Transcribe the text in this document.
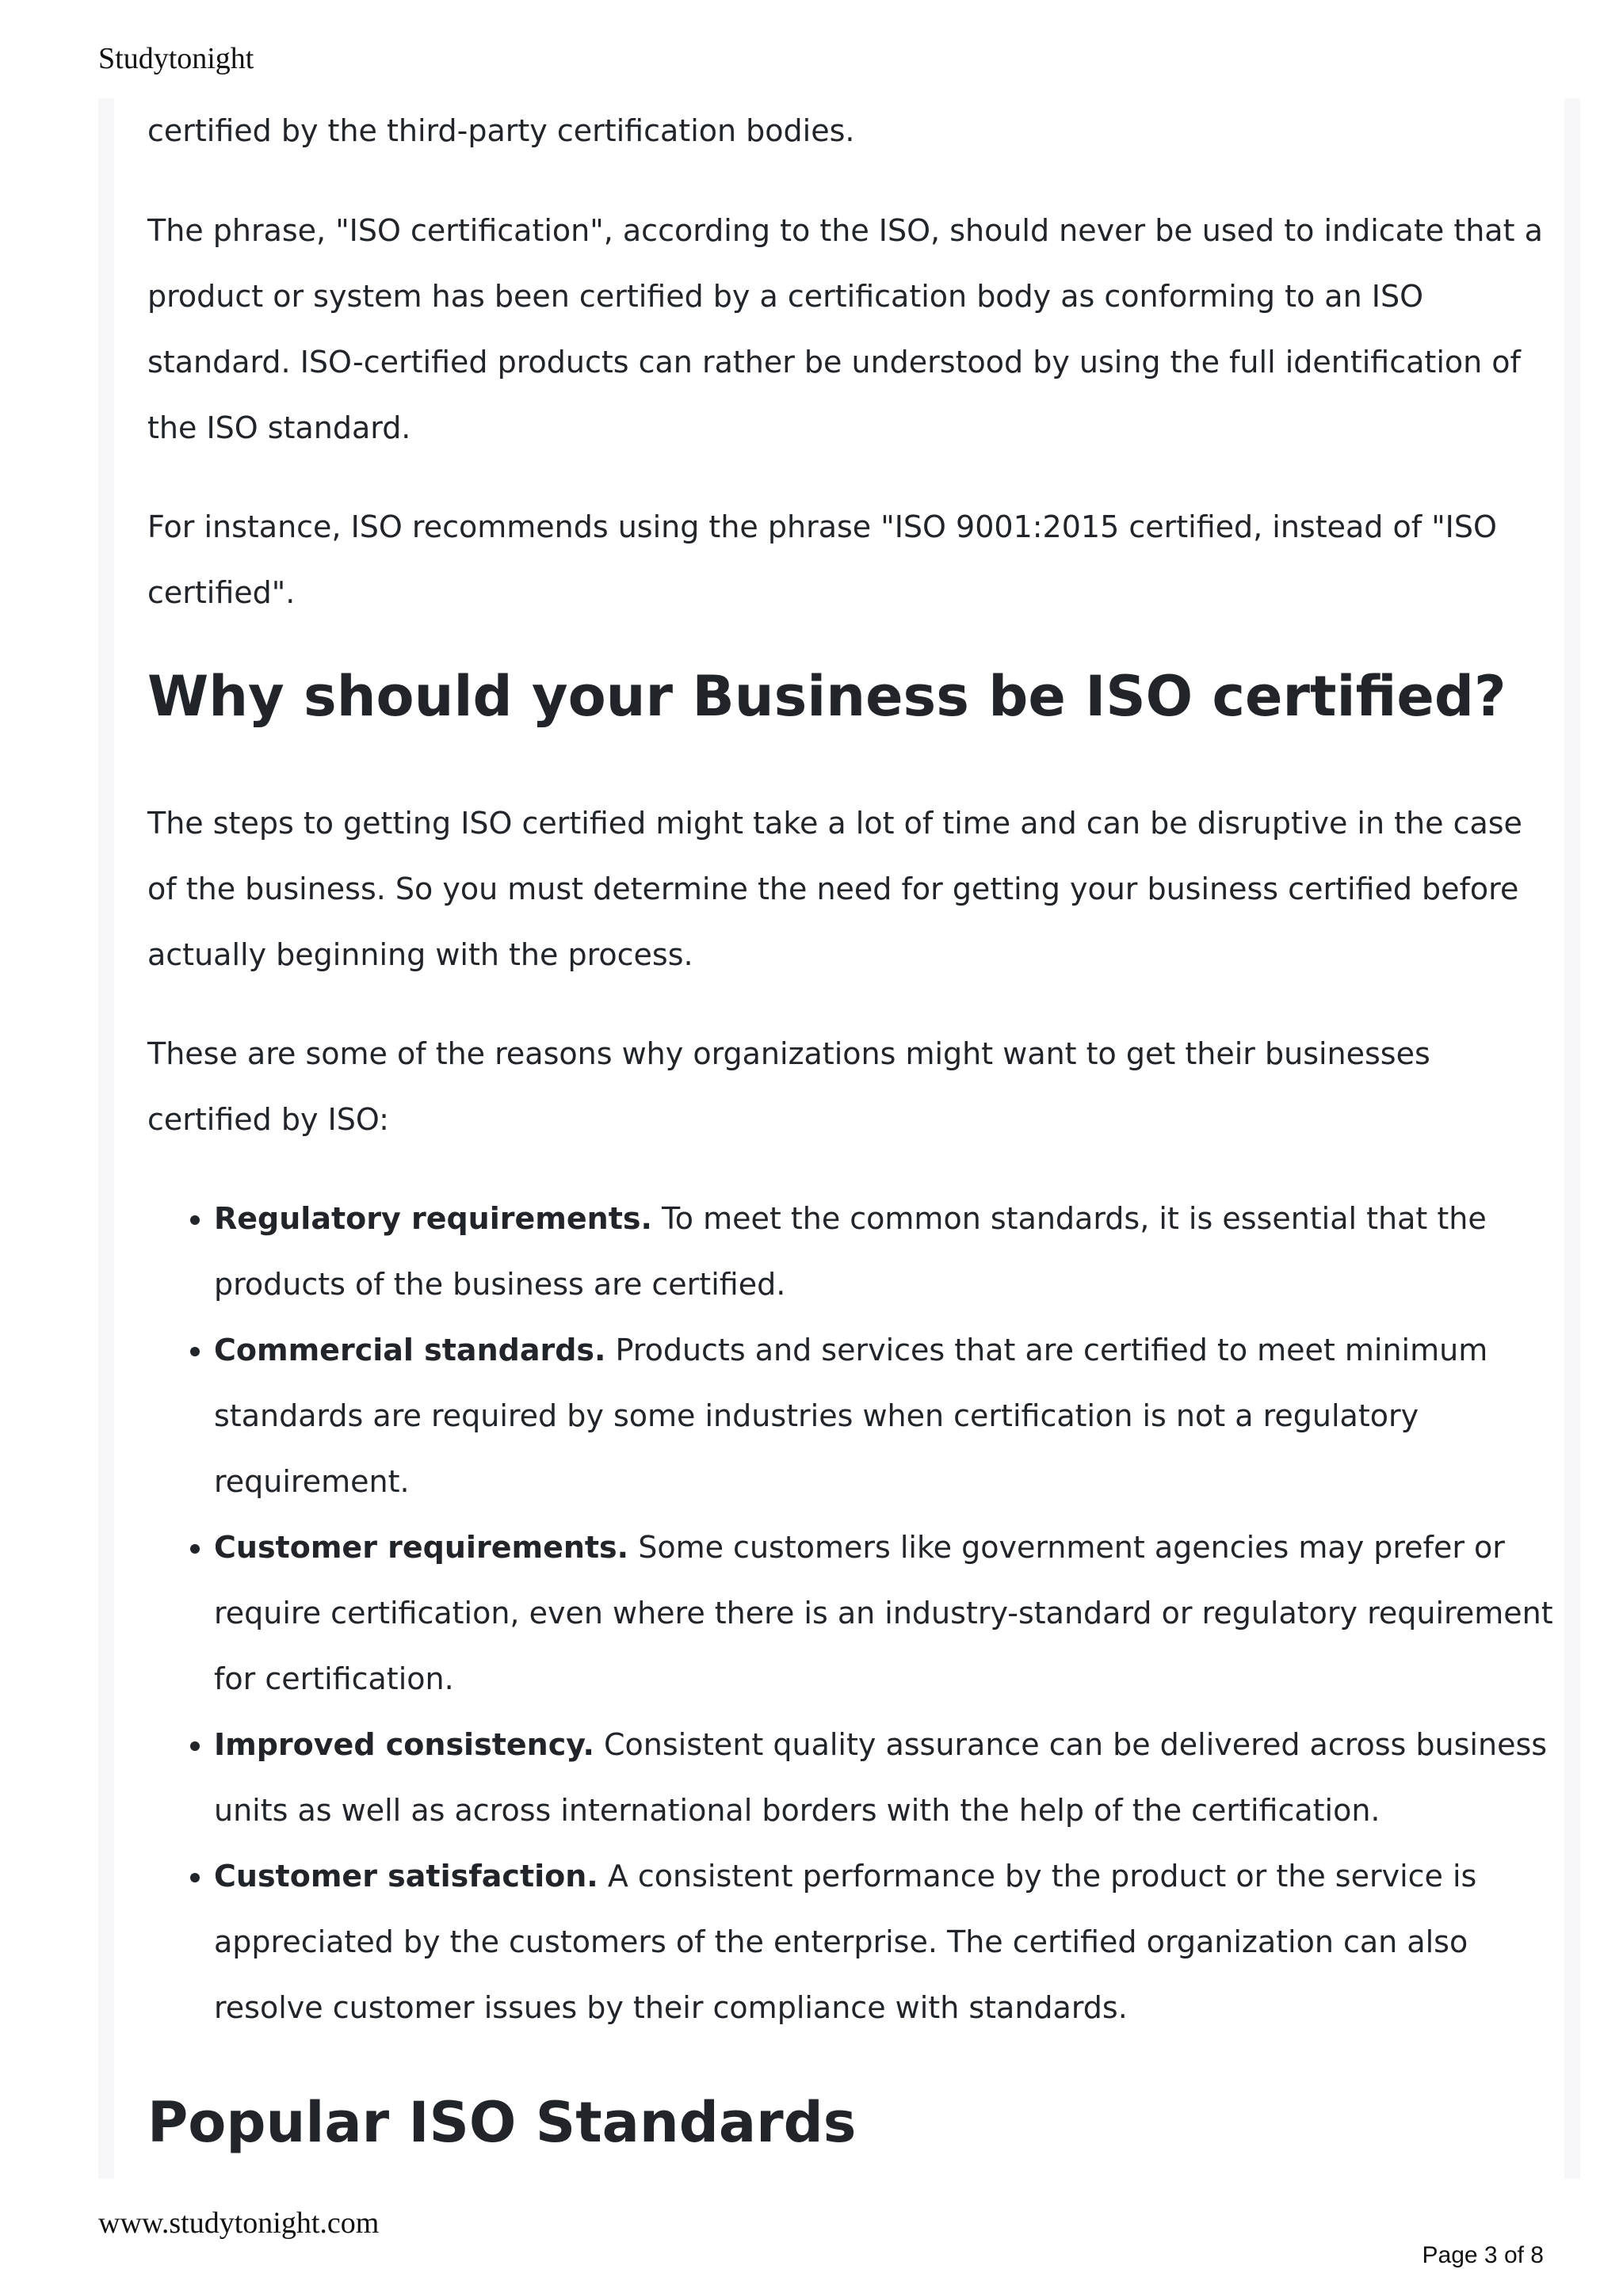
Studytonight

certified by the third-party certification bodies.

The phrase, "ISO certification", according to the ISO, should never be used to indicate that a product or system has been certified by a certification body as conforming to an ISO standard. ISO-certified products can rather be understood by using the full identification of the ISO standard.

For instance, ISO recommends using the phrase "ISO 9001:2015 certified, instead of "ISO certified".

Why should your Business be ISO certified?

The steps to getting ISO certified might take a lot of time and can be disruptive in the case of the business. So you must determine the need for getting your business certified before actually beginning with the process.

These are some of the reasons why organizations might want to get their businesses certified by ISO:

• Regulatory requirements. To meet the common standards, it is essential that the products of the business are certified.
• Commercial standards. Products and services that are certified to meet minimum standards are required by some industries when certification is not a regulatory requirement.
• Customer requirements. Some customers like government agencies may prefer or require certification, even where there is an industry-standard or regulatory requirement for certification.
• Improved consistency. Consistent quality assurance can be delivered across business units as well as across international borders with the help of the certification.
• Customer satisfaction. A consistent performance by the product or the service is appreciated by the customers of the enterprise. The certified organization can also resolve customer issues by their compliance with standards.
Popular ISO Standards
www.studytonight.com
Page 3 of 8
